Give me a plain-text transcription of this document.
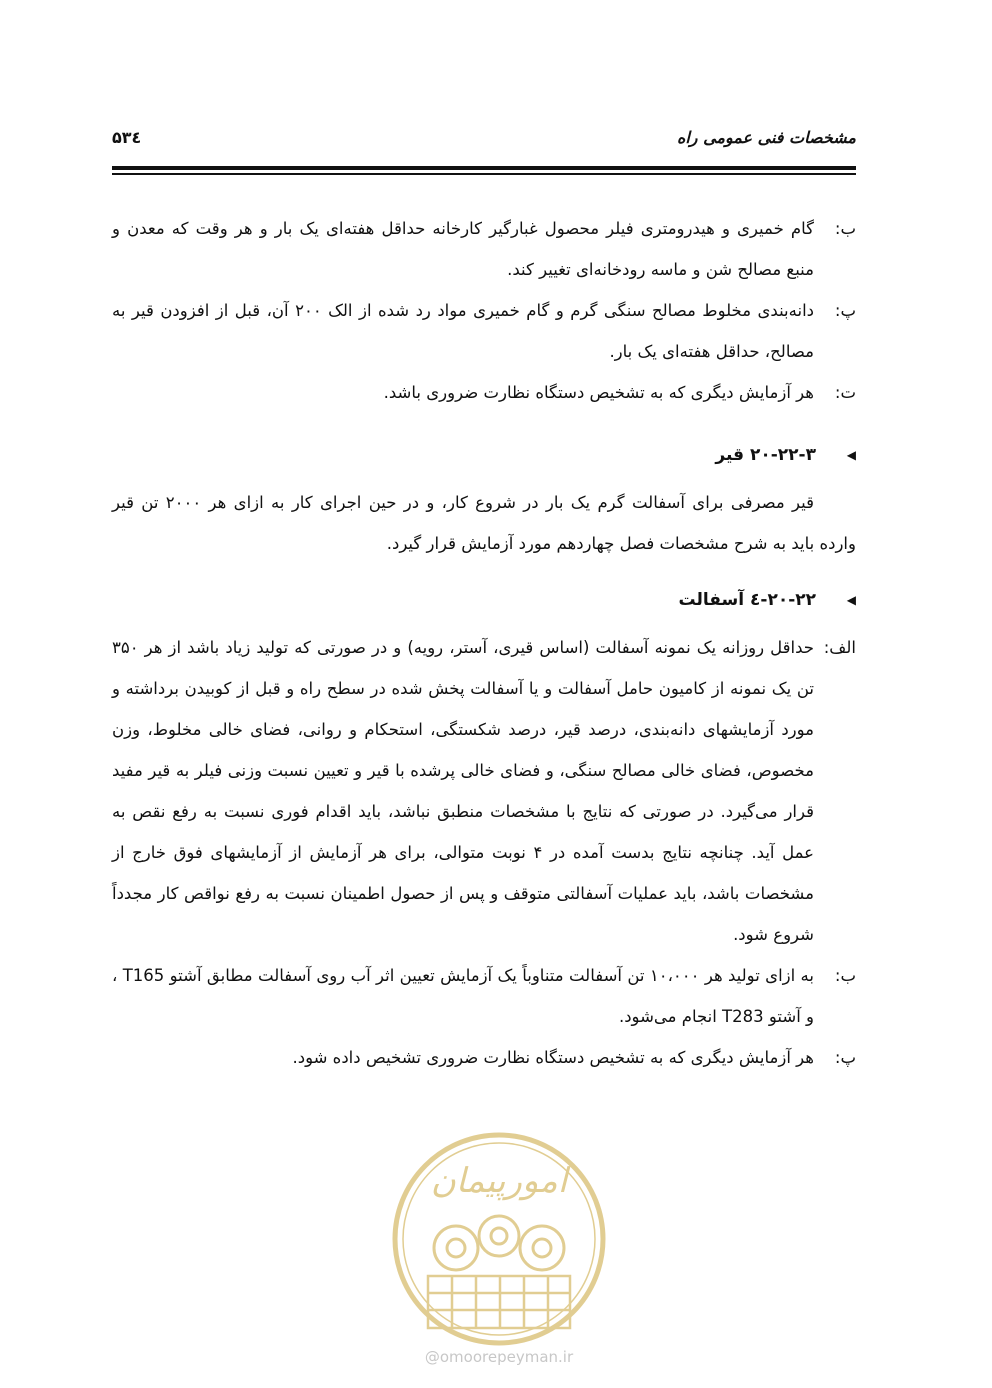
مشخصات فنی عمومی راه
۵۳٤
ب:
گام خمیری و هیدرومتری فیلر محصول غبارگیر کارخانه حداقل هفته‌ای یک بار و هر وقت که معدن و منبع مصالح شن و ماسه رودخانه‌ای تغییر کند.
پ:
دانه‌بندی مخلوط مصالح سنگی گرم و گام خمیری مواد رد شده از الک ۲۰۰ آن، قبل از افزودن قیر به مصالح، حداقل هفته‌ای یک بار.
ت:
هر آزمایش دیگری که به تشخیص دستگاه نظارت ضروری باشد.
◀
۲۰-۲۲-۳ قیر
قیر مصرفی برای آسفالت گرم یک بار در شروع کار، و در حین اجرای کار به ازای هر ۲۰۰۰ تن قیر وارده باید به شرح مشخصات فصل چهاردهم مورد آزمایش قرار گیرد.
◀
۲۰-۲۲-٤ آسفالت
الف:
حداقل روزانه یک نمونه آسفالت (اساس قیری، آستر، رویه) و در صورتی که تولید زیاد باشد از هر ۳۵۰ تن یک نمونه از کامیون حامل آسفالت و یا آسفالت پخش شده در سطح راه و قبل از کوبیدن برداشته و مورد آزمایشهای دانه‌بندی، درصد قیر، درصد شکستگی، استحکام و روانی، فضای خالی مخلوط، وزن مخصوص، فضای خالی مصالح سنگی، و فضای خالی پرشده با قیر و تعیین نسبت وزنی فیلر به قیر مفید قرار می‌گیرد. در صورتی که نتایج با مشخصات منطبق نباشد، باید اقدام فوری نسبت به رفع نقص به عمل آید. چنانچه نتایج بدست آمده در ۴ نوبت متوالی، برای هر آزمایش از آزمایشهای فوق خارج از مشخصات باشد، باید عملیات آسفالتی متوقف و پس از حصول اطمینان نسبت به رفع نواقص کار مجدداً شروع شود.
ب:
به ازای تولید هر ۱۰،۰۰۰ تن آسفالت متناوباً یک آزمایش تعیین اثر آب روی آسفالت مطابق آشتو T165 ، و آشتو T283 انجام می‌شود.
پ:
هر آزمایش دیگری که به تشخیص دستگاه نظارت ضروری تشخیص داده شود.
امورپیمان
@omoorepeyman.ir
